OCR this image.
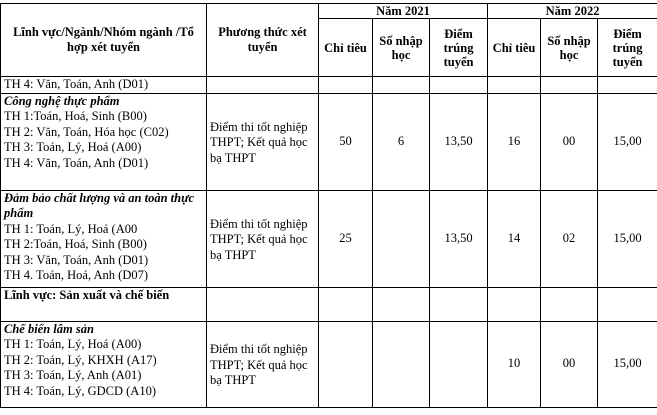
Lĩnh vực/Ngành/Nhóm ngành /Tổ hợp xét tuyển	Phương thức xét tuyển	Năm 2021			Năm 2022		
		Chỉ tiêu	Số nhập học	Điểm trúng tuyển	Chỉ tiêu	Số nhập học	Điểm trúng tuyển
TH 4: Văn, Toán, Anh (D01)							

Công nghệ thực phẩm
TH 1:Toán, Hoá, Sinh (B00)
TH 2: Văn, Toán, Hóa học (C02)
TH 3: Toán, Lý, Hoá (A00)
TH 4: Văn, Toán, Anh (D01)	Điểm thi tốt nghiệp THPT; Kết quả học bạ THPT	50	6	13,50	16	00	15,00

Đảm bảo chất lượng và an toàn thực phẩm
TH 1: Toán, Lý, Hoá (A00
TH 2:Toán, Hoá, Sinh (B00)
TH 3: Văn, Toán, Anh (D01)
TH 4. Toán, Hoá, Anh (D07)	Điểm thi tốt nghiệp THPT; Kết quả học bạ THPT	25		13,50	14	02	15,00
Lĩnh vực: Sản xuất và chế biến							

Chế biến lâm sản
TH 1: Toán, Lý, Hoá (A00)
TH 2: Toán, Lý, KHXH (A17)
TH 3: Toán, Lý, Anh (A01)
TH 4: Toán, Lý, GDCD (A10)	Điểm thi tốt nghiệp THPT; Kết quả học bạ THPT				10	00	15,00
